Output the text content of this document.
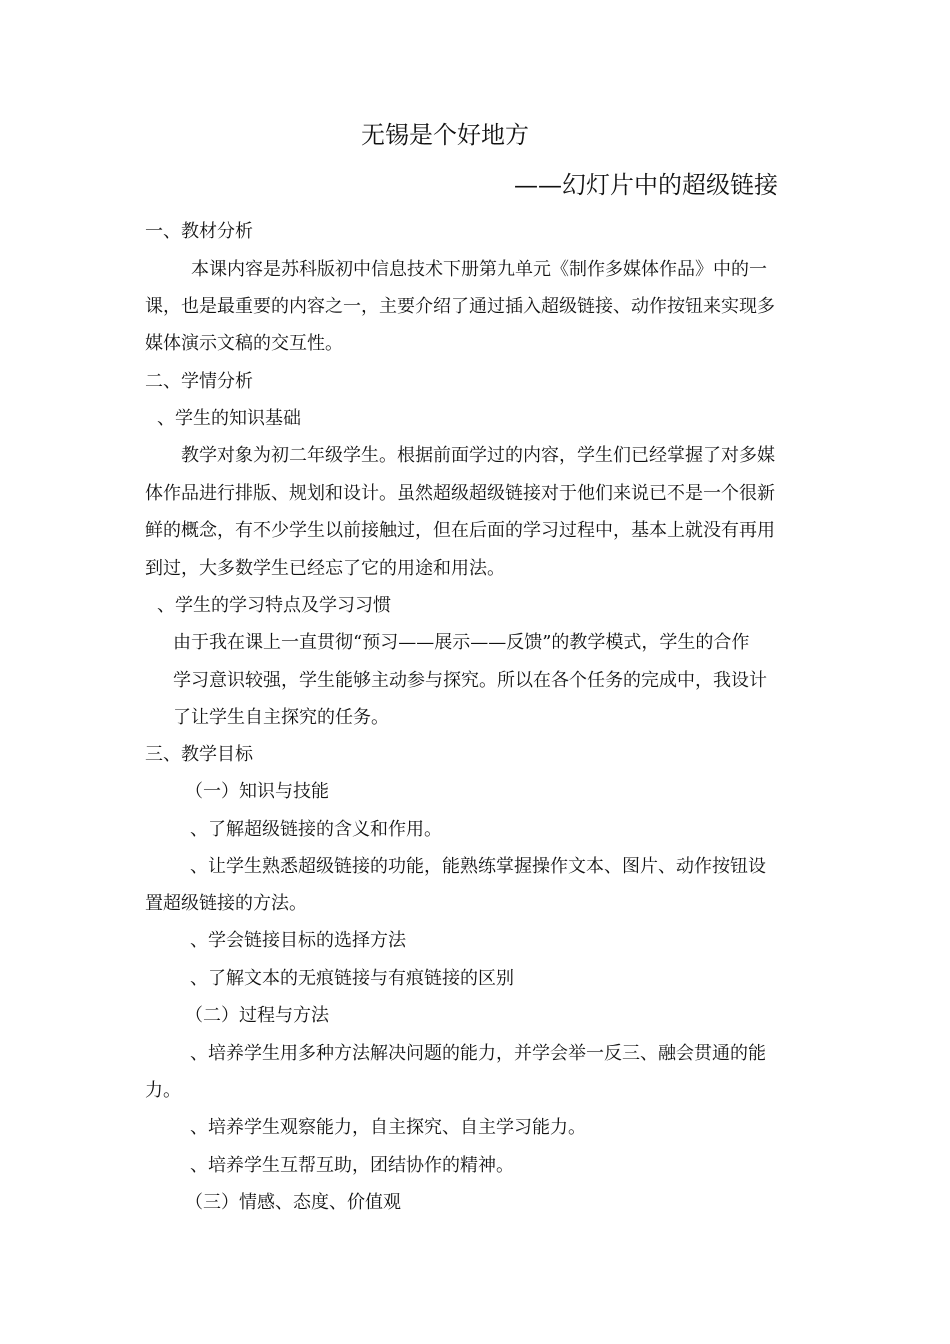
无锡是个好地方
——幻灯片中的超级链接
一、教材分析
本课内容是苏科版初中信息技术下册第九单元《制作多媒体作品》中的一
课，也是最重要的内容之一，主要介绍了通过插入超级链接、动作按钮来实现多
媒体演示文稿的交互性。
二、学情分析
、学生的知识基础
教学对象为初二年级学生。根据前面学过的内容，学生们已经掌握了对多媒
体作品进行排版、规划和设计。虽然超级超级链接对于他们来说已不是一个很新
鲜的概念，有不少学生以前接触过，但在后面的学习过程中，基本上就没有再用
到过，大多数学生已经忘了它的用途和用法。
、学生的学习特点及学习习惯
由于我在课上一直贯彻“预习——展示——反馈”的教学模式，学生的合作
学习意识较强，学生能够主动参与探究。所以在各个任务的完成中，我设计
了让学生自主探究的任务。
三、教学目标
（一）知识与技能
、了解超级链接的含义和作用。
、让学生熟悉超级链接的功能，能熟练掌握操作文本、图片、动作按钮设
置超级链接的方法。
、学会链接目标的选择方法
、了解文本的无痕链接与有痕链接的区别
（二）过程与方法
、培养学生用多种方法解决问题的能力，并学会举一反三、融会贯通的能
力。
、培养学生观察能力，自主探究、自主学习能力。
、培养学生互帮互助，团结协作的精神。
（三）情感、态度、价值观
